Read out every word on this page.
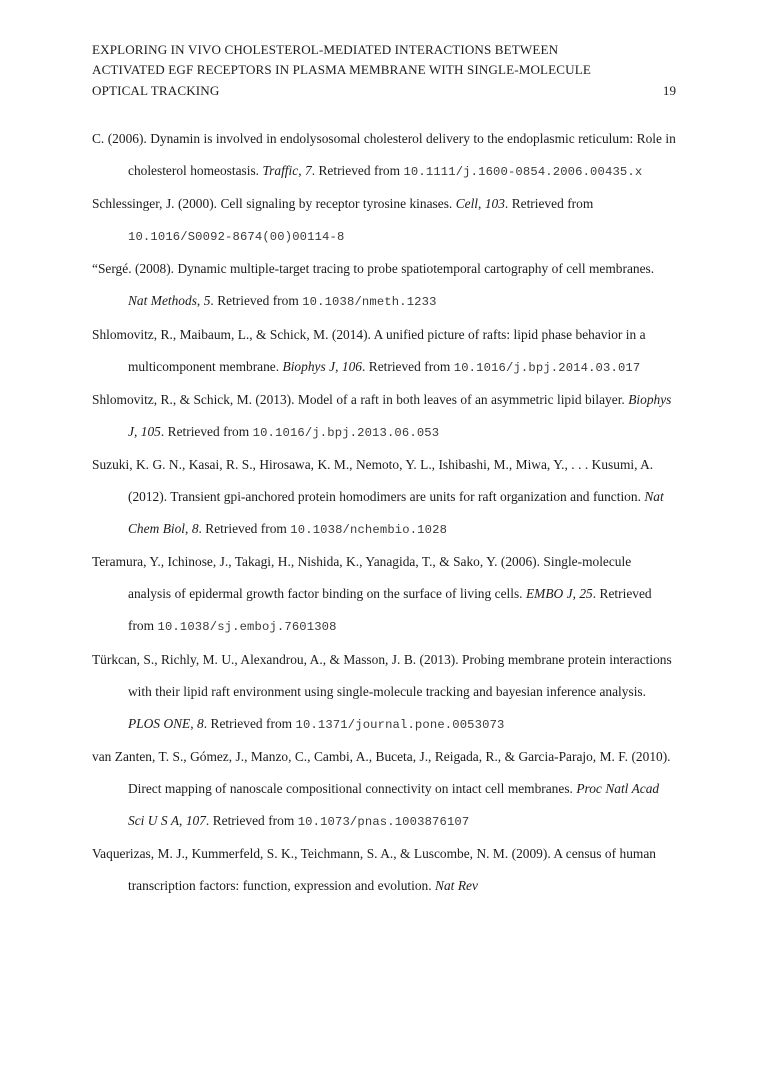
EXPLORING IN VIVO CHOLESTEROL-MEDIATED INTERACTIONS BETWEEN
ACTIVATED EGF RECEPTORS IN PLASMA MEMBRANE WITH SINGLE-MOLECULE
OPTICAL TRACKING	19

C. (2006). Dynamin is involved in endolysosomal cholesterol delivery to the endoplasmic reticulum: Role in cholesterol homeostasis. Traffic, 7. Retrieved from 10.1111/j.1600-0854.2006.00435.x

Schlessinger, J. (2000). Cell signaling by receptor tyrosine kinases. Cell, 103. Retrieved from 10.1016/S0092-8674(00)00114-8

“Sergé. (2008). Dynamic multiple-target tracing to probe spatiotemporal cartography of cell membranes. Nat Methods, 5. Retrieved from 10.1038/nmeth.1233

Shlomovitz, R., Maibaum, L., & Schick, M. (2014). A unified picture of rafts: lipid phase behavior in a multicomponent membrane. Biophys J, 106. Retrieved from 10.1016/j.bpj.2014.03.017

Shlomovitz, R., & Schick, M. (2013). Model of a raft in both leaves of an asymmetric lipid bilayer. Biophys J, 105. Retrieved from 10.1016/j.bpj.2013.06.053

Suzuki, K. G. N., Kasai, R. S., Hirosawa, K. M., Nemoto, Y. L., Ishibashi, M., Miwa, Y., . . . Kusumi, A. (2012). Transient gpi-anchored protein homodimers are units for raft organization and function. Nat Chem Biol, 8. Retrieved from 10.1038/nchembio.1028

Teramura, Y., Ichinose, J., Takagi, H., Nishida, K., Yanagida, T., & Sako, Y. (2006). Single-molecule analysis of epidermal growth factor binding on the surface of living cells. EMBO J, 25. Retrieved from 10.1038/sj.emboj.7601308

Türkcan, S., Richly, M. U., Alexandrou, A., & Masson, J. B. (2013). Probing membrane protein interactions with their lipid raft environment using single-molecule tracking and bayesian inference analysis. PLOS ONE, 8. Retrieved from 10.1371/journal.pone.0053073

van Zanten, T. S., Gómez, J., Manzo, C., Cambi, A., Buceta, J., Reigada, R., & Garcia-Parajo, M. F. (2010). Direct mapping of nanoscale compositional connectivity on intact cell membranes. Proc Natl Acad Sci U S A, 107. Retrieved from 10.1073/pnas.1003876107

Vaquerizas, M. J., Kummerfeld, S. K., Teichmann, S. A., & Luscombe, N. M. (2009). A census of human transcription factors: function, expression and evolution. Nat Rev
